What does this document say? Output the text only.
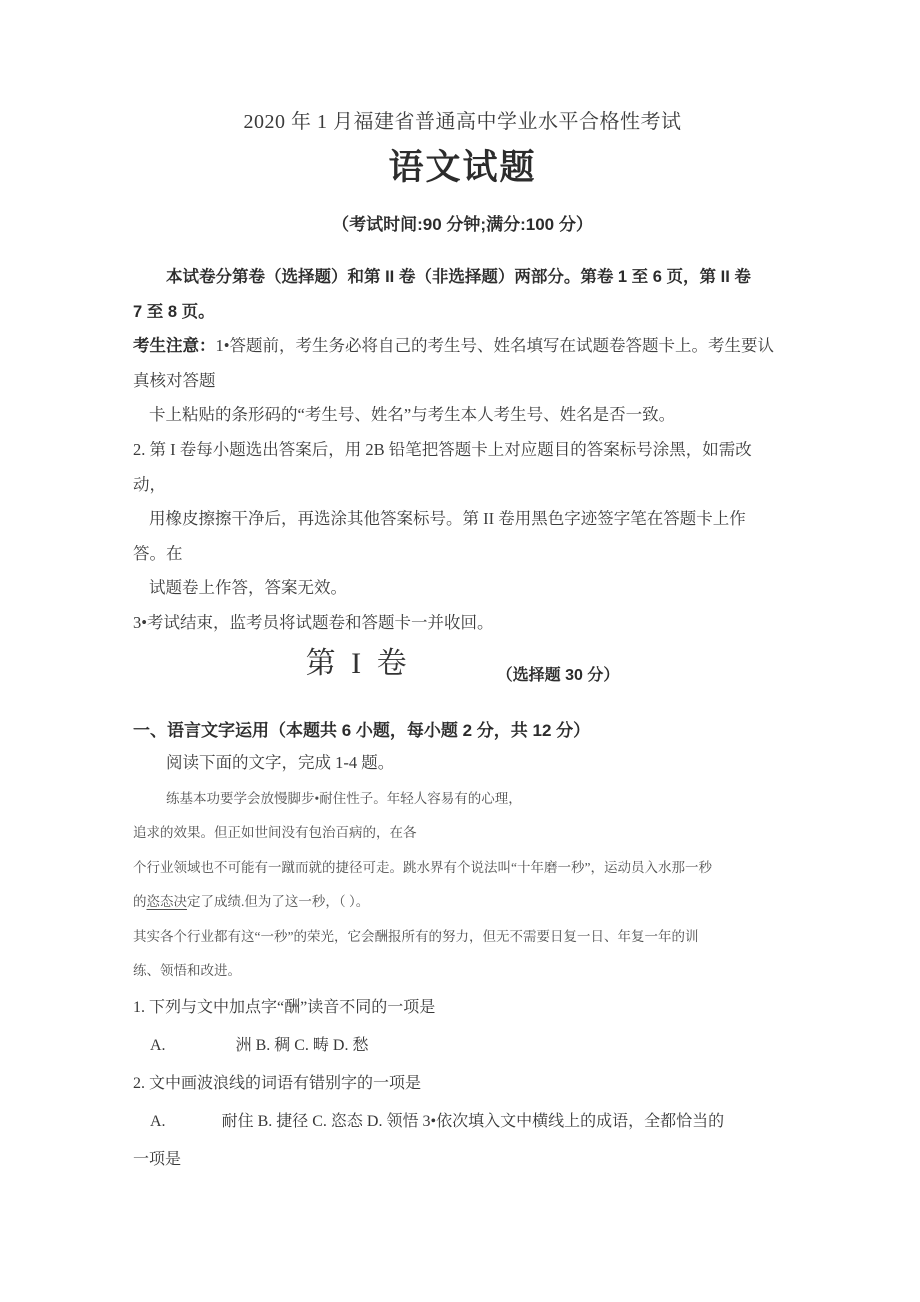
2020 年 1 月福建省普通高中学业水平合格性考试
语文试题
（考试时间:90 分钟;满分:100 分）

本试卷分第卷（选择题）和第 II 卷（非选择题）两部分。第卷 1 至 6 页，第 II 卷

7 至 8 页。

考生注意：1•答题前，考生务必将自己的考生号、姓名填写在试题卷答题卡上。考生要认

真核对答题

卡上粘贴的条形码的“考生号、姓名”与考生本人考生号、姓名是否一致。

2. 第 I 卷每小题选出答案后，用 2B 铅笔把答题卡上对应题目的答案标号涂黑，如需改

动，

用橡皮擦擦干净后，再选涂其他答案标号。第 II 卷用黑色字迹签字笔在答题卡上作

答。在

试题卷上作答，答案无效。

3•考试结束，监考员将试题卷和答题卡一并收回。

第 I 卷	（选择题 30 分）
一、语言文字运用（本题共 6 小题，每小题 2 分，共 12 分）

阅读下面的文字，完成 1-4 题。

练基本功要学会放慢脚步•耐住性子。年轻人容易有的心理，

追求的效果。但正如世间没有包治百病的，在各

个行业领域也不可能有一蹴而就的捷径可走。跳水界有个说法叫“十年磨一秒”，运动员入水那一秒

的恣态决定了成绩.但为了这一秒，（ ）。

其实各个行业都有这“一秒”的荣光，它会酬报所有的努力，但无不需要日复一日、年复一年的训

练、领悟和改进。

1. 下列与文中加点字“酬”读音不同的一项是

A.	洲 B. 稠 C. 畴 D. 愁

2. 文中画波浪线的词语有错别字的一项是

A.	耐住 B. 捷径 C. 恣态 D. 领悟 3•依次填入文中横线上的成语，全都恰当的

一项是
